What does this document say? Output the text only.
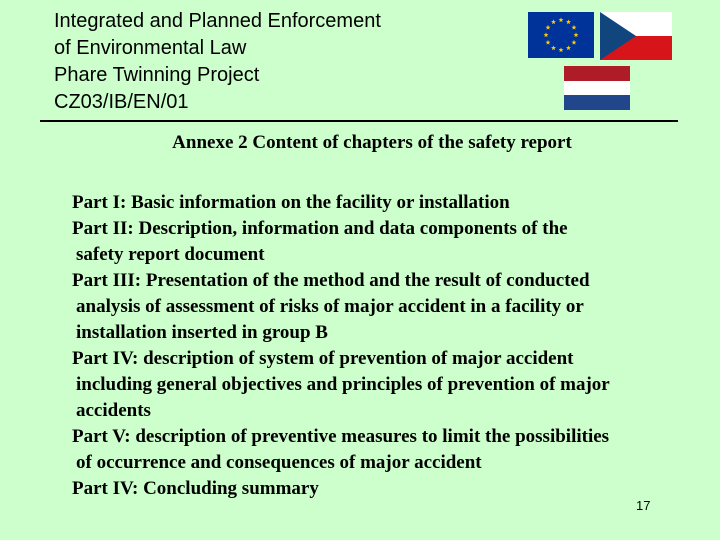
Integrated and Planned Enforcement
of Environmental Law
Phare Twinning Project
CZ03/IB/EN/01
Annexe 2 Content of chapters of the safety report

Part I: Basic information on the facility or installation

Part II: Description, information and data components of the
safety report document

Part III: Presentation of the method and the result of conducted
analysis of assessment of risks of major accident in a facility or
installation inserted in group B

Part IV: description of system of prevention of major accident
including general objectives and principles of prevention of major
accidents

Part V: description of preventive measures to limit the possibilities
of occurrence and consequences of major accident

Part IV: Concluding summary

17
